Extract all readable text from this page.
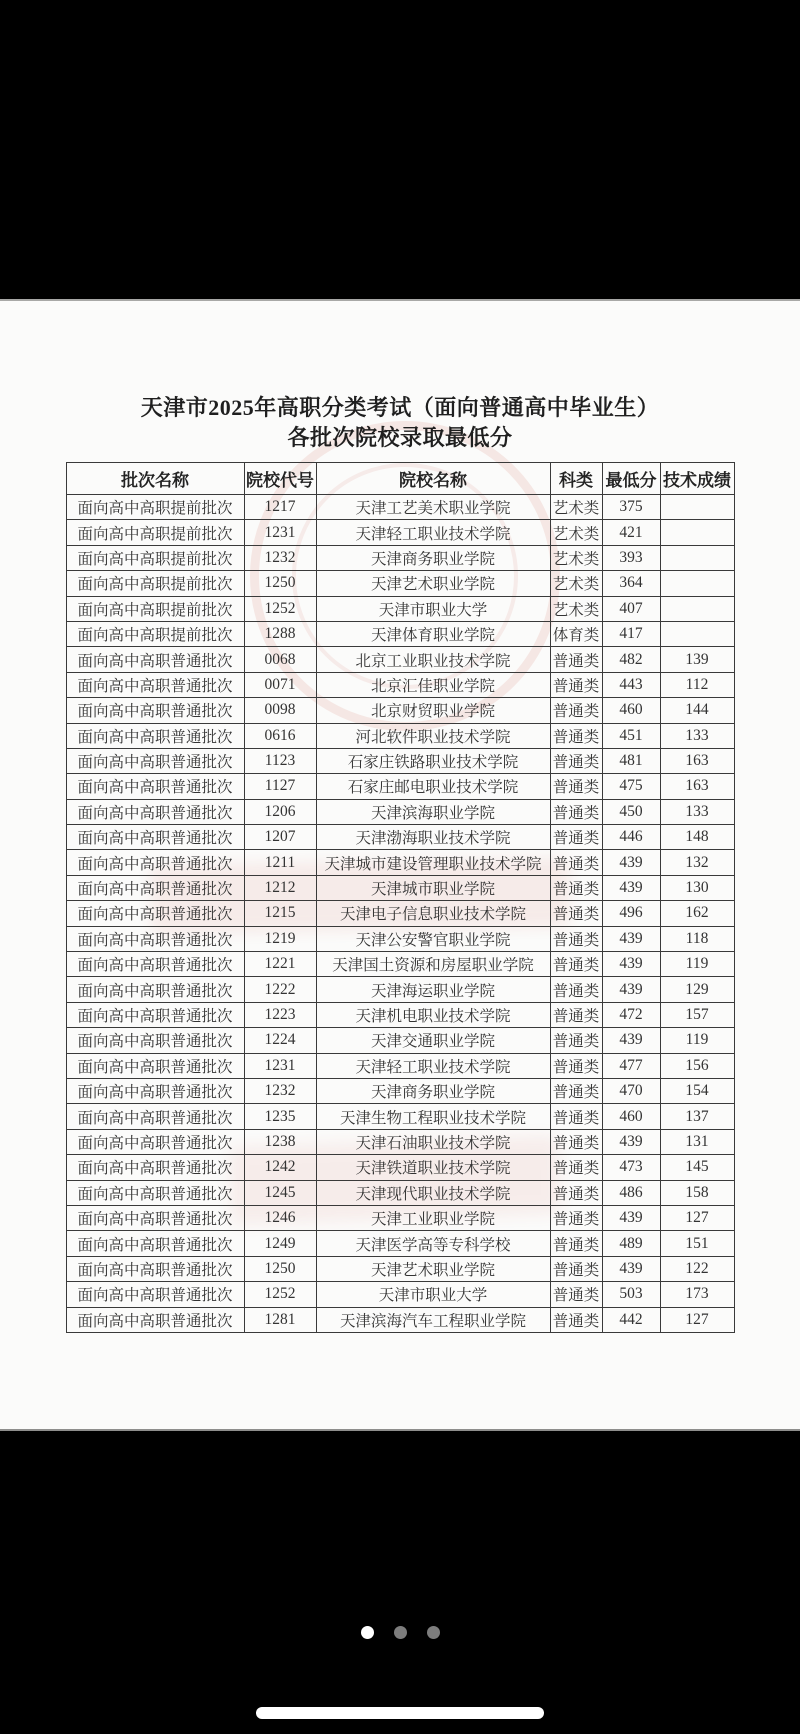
天津市2025年高职分类考试（面向普通高中毕业生）
各批次院校录取最低分
批次名称	院校代号	院校名称	科类	最低分	技术成绩
面向高中高职提前批次	1217	天津工艺美术职业学院	艺术类	375	
面向高中高职提前批次	1231	天津轻工职业技术学院	艺术类	421	
面向高中高职提前批次	1232	天津商务职业学院	艺术类	393	
面向高中高职提前批次	1250	天津艺术职业学院	艺术类	364	
面向高中高职提前批次	1252	天津市职业大学	艺术类	407	
面向高中高职提前批次	1288	天津体育职业学院	体育类	417	
面向高中高职普通批次	0068	北京工业职业技术学院	普通类	482	139
面向高中高职普通批次	0071	北京汇佳职业学院	普通类	443	112
面向高中高职普通批次	0098	北京财贸职业学院	普通类	460	144
面向高中高职普通批次	0616	河北软件职业技术学院	普通类	451	133
面向高中高职普通批次	1123	石家庄铁路职业技术学院	普通类	481	163
面向高中高职普通批次	1127	石家庄邮电职业技术学院	普通类	475	163
面向高中高职普通批次	1206	天津滨海职业学院	普通类	450	133
面向高中高职普通批次	1207	天津渤海职业技术学院	普通类	446	148
面向高中高职普通批次	1211	天津城市建设管理职业技术学院	普通类	439	132
面向高中高职普通批次	1212	天津城市职业学院	普通类	439	130
面向高中高职普通批次	1215	天津电子信息职业技术学院	普通类	496	162
面向高中高职普通批次	1219	天津公安警官职业学院	普通类	439	118
面向高中高职普通批次	1221	天津国土资源和房屋职业学院	普通类	439	119
面向高中高职普通批次	1222	天津海运职业学院	普通类	439	129
面向高中高职普通批次	1223	天津机电职业技术学院	普通类	472	157
面向高中高职普通批次	1224	天津交通职业学院	普通类	439	119
面向高中高职普通批次	1231	天津轻工职业技术学院	普通类	477	156
面向高中高职普通批次	1232	天津商务职业学院	普通类	470	154
面向高中高职普通批次	1235	天津生物工程职业技术学院	普通类	460	137
面向高中高职普通批次	1238	天津石油职业技术学院	普通类	439	131
面向高中高职普通批次	1242	天津铁道职业技术学院	普通类	473	145
面向高中高职普通批次	1245	天津现代职业技术学院	普通类	486	158
面向高中高职普通批次	1246	天津工业职业学院	普通类	439	127
面向高中高职普通批次	1249	天津医学高等专科学校	普通类	489	151
面向高中高职普通批次	1250	天津艺术职业学院	普通类	439	122
面向高中高职普通批次	1252	天津市职业大学	普通类	503	173
面向高中高职普通批次	1281	天津滨海汽车工程职业学院	普通类	442	127
